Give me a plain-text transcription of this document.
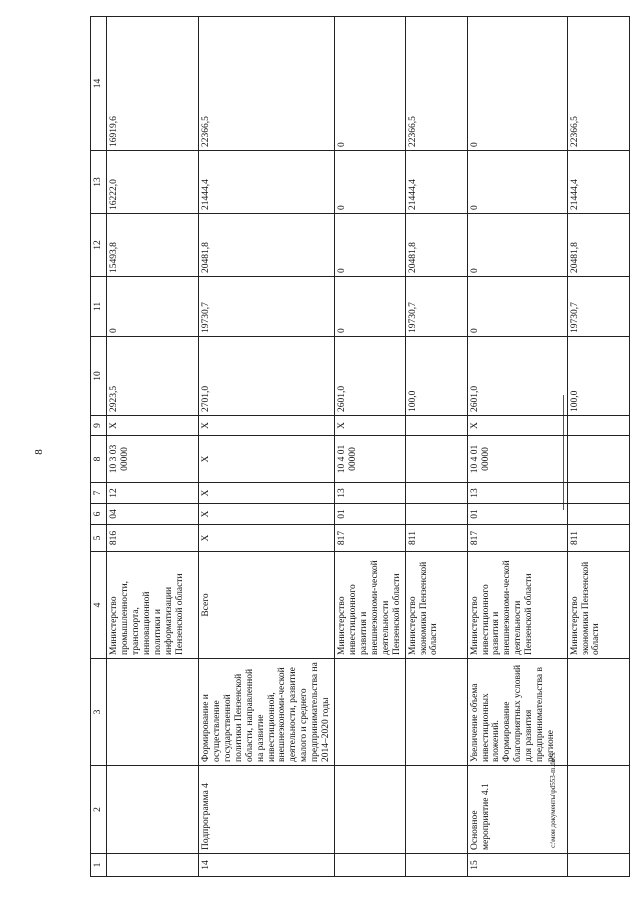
8
c:\мои документы\pd553-m.docx
1	2	3	4	5	6	7	8	9	10	11	12	13	14
			Министерство промышленности, транспорта, инновационной политики и информатизации Пензенской области	816	04	12	10 3 03 00000	X	2923,5	0	15493,8	16222,0	16919,6
14	Подпрограмма 4	Формирование и осуществление государственной политики Пензенской области, направленной на развитие инвестиционной, внешнеэкономи-ческой деятельности, развитие малого и среднего предпринимательства на 2014–2020 годы	Всего	X	X	X	X	X	2701,0	19730,7	20481,8	21444,4	22366,5
			Министерство инвестиционного развития и внешнеэкономи-ческой деятельности Пензенской области	817	01	13	10 4 01 00000	X	2601,0	0	0	0	0
			Министерство экономики Пензенской области	811					100,0	19730,7	20481,8	21444,4	22366,5
15	Основное мероприятие 4.1	Увеличение объема инвестиционных вложений. Формирование благоприятных условий для развития предпринимательства в регионе	Министерство инвестиционного развития и внешнеэкономи-ческой деятельности Пензенской области	817	01	13	10 4 01 00000	X	2601,0	0	0	0	0
			Министерство экономики Пензенской области	811					100,0	19730,7	20481,8	21444,4	22366,5
